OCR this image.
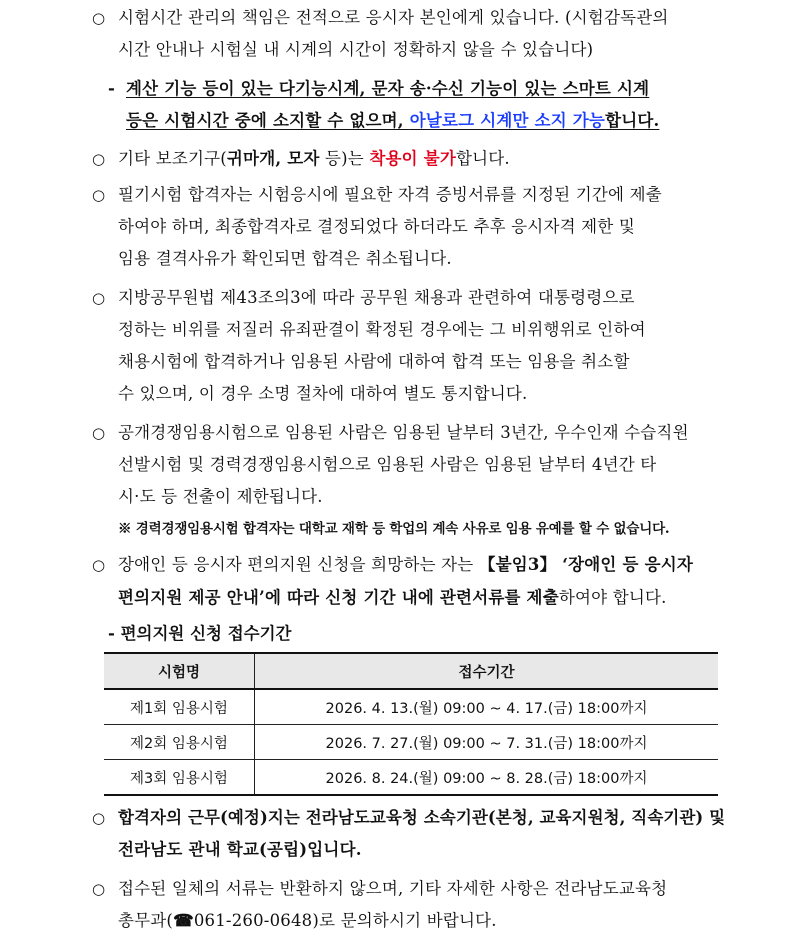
○ 시험시간 관리의 책임은 전적으로 응시자 본인에게 있습니다. (시험감독관의
시간 안내나 시험실 내 시계의 시간이 정확하지 않을 수 있습니다)
- 계산 기능 등이 있는 다기능시계, 문자 송·수신 기능이 있는 스마트 시계
등은 시험시간 중에 소지할 수 없으며, 아날로그 시계만 소지 가능합니다.
○ 기타 보조기구(귀마개, 모자 등)는 착용이 불가합니다.
○ 필기시험 합격자는 시험응시에 필요한 자격 증빙서류를 지정된 기간에 제출
하여야 하며, 최종합격자로 결정되었다 하더라도 추후 응시자격 제한 및
임용 결격사유가 확인되면 합격은 취소됩니다.
○ 지방공무원법 제43조의3에 따라 공무원 채용과 관련하여 대통령령으로
정하는 비위를 저질러 유죄판결이 확정된 경우에는 그 비위행위로 인하여
채용시험에 합격하거나 임용된 사람에 대하여 합격 또는 임용을 취소할
수 있으며, 이 경우 소명 절차에 대하여 별도 통지합니다.
○ 공개경쟁임용시험으로 임용된 사람은 임용된 날부터 3년간, 우수인재 수습직원
선발시험 및 경력경쟁임용시험으로 임용된 사람은 임용된 날부터 4년간 타
시·도 등 전출이 제한됩니다.
※ 경력경쟁임용시험 합격자는 대학교 재학 등 학업의 계속 사유로 임용 유예를 할 수 없습니다.
○ 장애인 등 응시자 편의지원 신청을 희망하는 자는 【붙임3】 ‘장애인 등 응시자
편의지원 제공 안내’에 따라 신청 기간 내에 관련서류를 제출하여야 합니다.
- 편의지원 신청 접수기간
시험명	접수기간
제1회 임용시험	2026. 4. 13.(월) 09:00 ~ 4. 17.(금) 18:00까지
제2회 임용시험	2026. 7. 27.(월) 09:00 ~ 7. 31.(금) 18:00까지
제3회 임용시험	2026. 8. 24.(월) 09:00 ~ 8. 28.(금) 18:00까지
○ 합격자의 근무(예정)지는 전라남도교육청 소속기관(본청, 교육지원청, 직속기관) 및
전라남도 관내 학교(공립)입니다.
○ 접수된 일체의 서류는 반환하지 않으며, 기타 자세한 사항은 전라남도교육청
총무과(☎061-260-0648)로 문의하시기 바랍니다.
